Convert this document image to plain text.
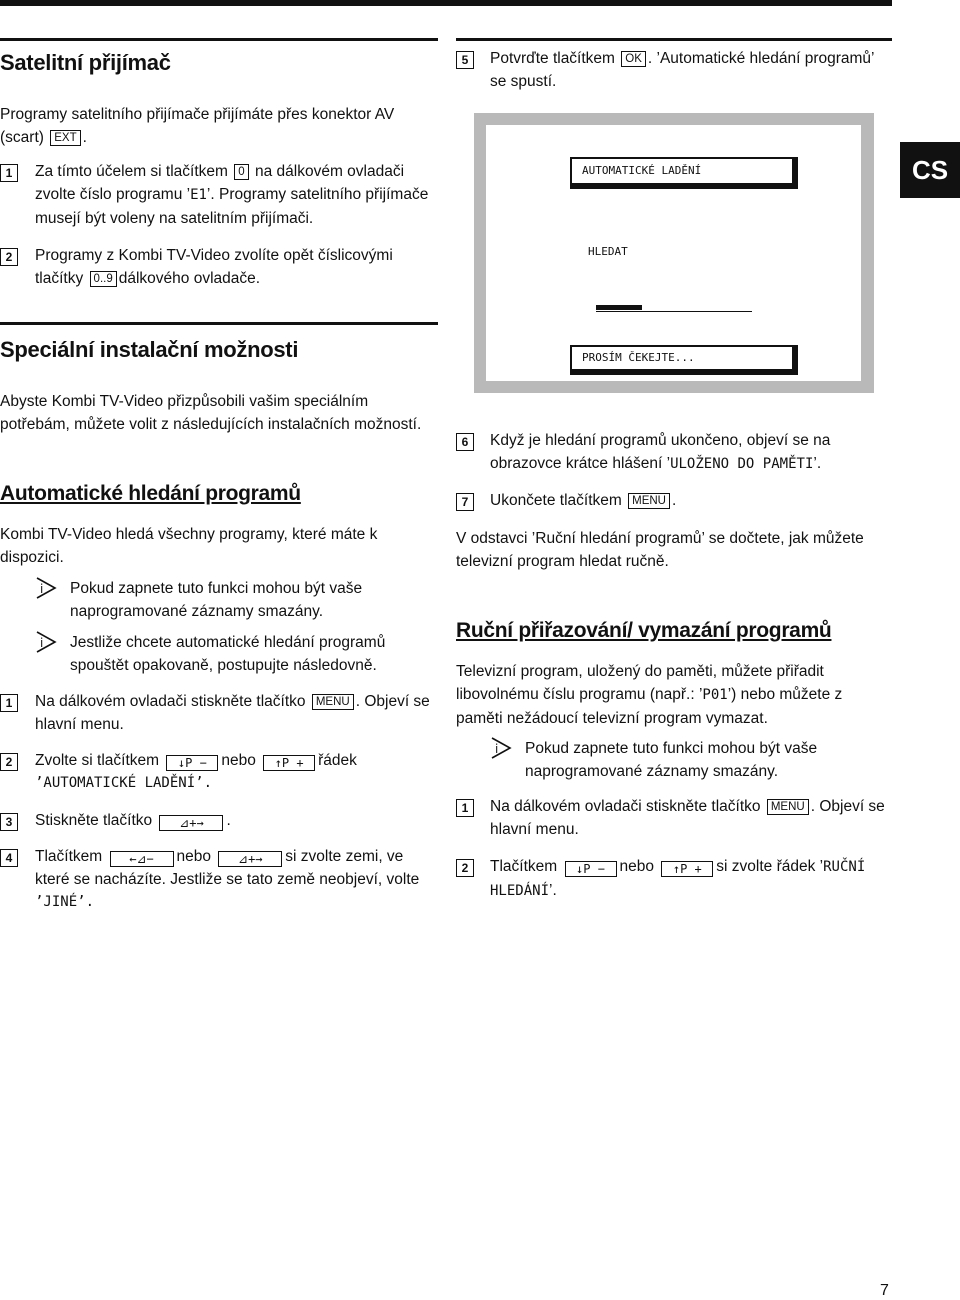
Satelitní přijímač
Programy satelitního přijímače přijímáte přes konektor AV
(scart) EXT .
1	Za tímto účelem si tlačítkem 0 na dálkovém ovladači
zvolte číslo programu ’E1’. Programy satelitního přijímače
musejí být voleny na satelitním přijímači.
2	Programy z Kombi TV-Video zvolíte opět číslicovými
tlačítky 0..9 dálkového ovladače.
Speciální instalační možnosti
Abyste Kombi TV-Video přizpůsobili vašim speciálním
potřebám, můžete volit z následujících instalačních možností.
Automatické hledání programů
Kombi TV-Video hledá všechny programy, které máte k
dispozici.
i Pokud zapnete tuto funkci mohou být vaše
naprogramované záznamy smazány.
i Jestliže chcete automatické hledání programů
spouštět opakovaně, postupujte následovně.
1	Na dálkovém ovladači stiskněte tlačítko MENU . Objeví se
hlavní menu.
2	Zvolte si tlačítkem ↓P − nebo ↑P + řádek
’AUTOMATICKÉ LADĚNÍ’.
3	Stiskněte tlačítko ⊿+→ .
4	Tlačítkem ←⊿− nebo ⊿+→ si zvolte zemi, ve
které se nacházíte. Jestliže se tato země neobjeví, volte
’JINÉ’.
5	Potvrďte tlačítkem OK . ’Automatické hledání programů’
se spustí.
AUTOMATICKÉ LADĚNÍ
HLEDAT
PROSÍM ČEKEJTE...
CS
6	Když je hledání programů ukončeno, objeví se na
obrazovce krátce hlášení ’ULOŽENO DO PAMĚTI’.
7	Ukončete tlačítkem MENU .
V odstavci ’Ruční hledání programů’ se dočtete, jak můžete
televizní program hledat ručně.
Ruční přiřazování/ vymazání programů
Televizní program, uložený do paměti, můžete přiřadit
libovolnému číslu programu (např.: ’P01’) nebo můžete z
paměti nežádoucí televizní program vymazat.
i Pokud zapnete tuto funkci mohou být vaše
naprogramované záznamy smazány.
1	Na dálkovém ovladači stiskněte tlačítko MENU . Objeví se
hlavní menu.
2	Tlačítkem ↓P − nebo ↑P + si zvolte řádek ’RUČNÍ
HLEDÁNÍ’.
7
